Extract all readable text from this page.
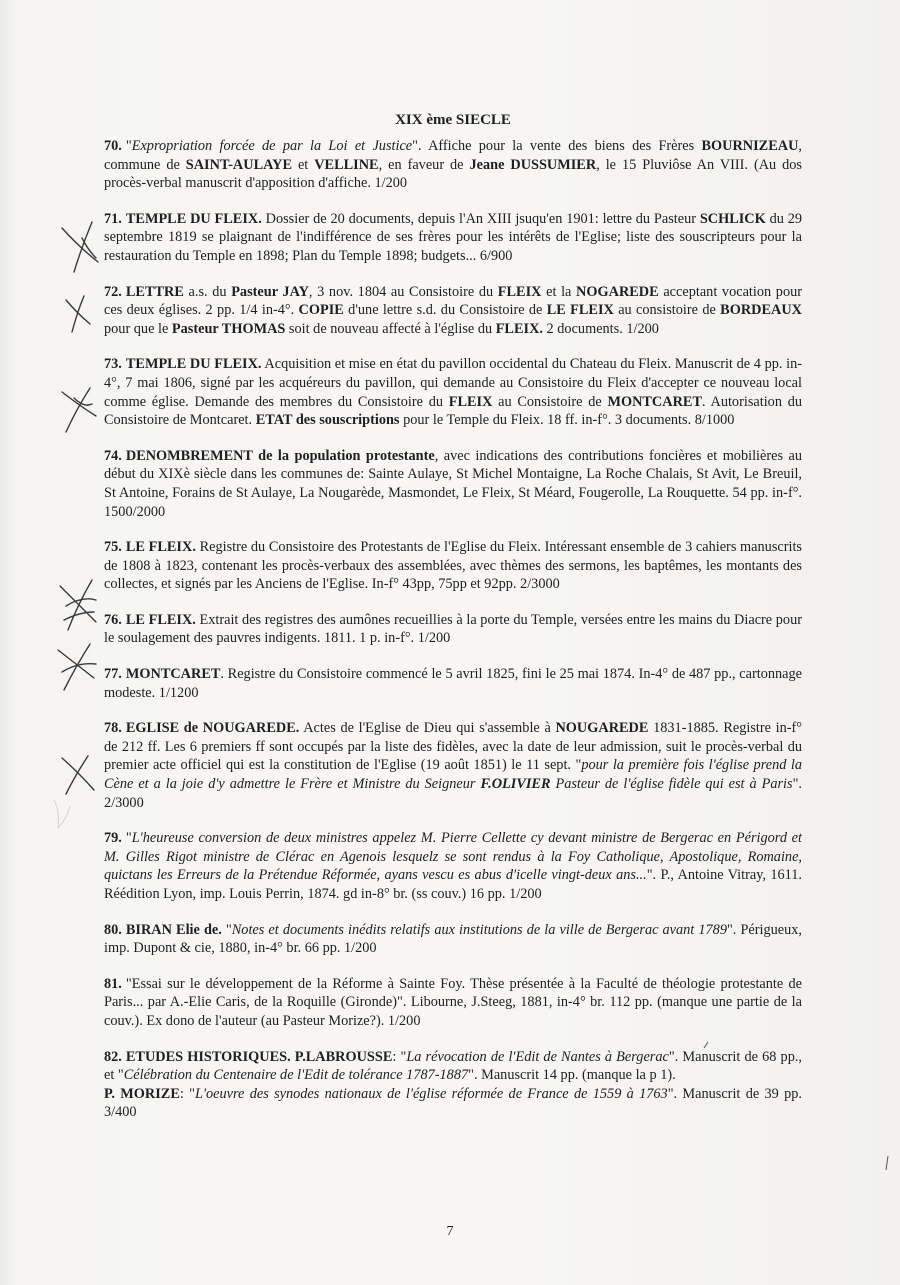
XIX ème SIECLE

70. "Expropriation forcée de par la Loi et Justice". Affiche pour la vente des biens des Frères BOURNIZEAU, commune de SAINT-AULAYE et VELLINE, en faveur de Jeane DUSSUMIER, le 15 Pluviôse An VIII. (Au dos procès-verbal manuscrit d'apposition d'affiche. 1/200

71. TEMPLE DU FLEIX. Dossier de 20 documents, depuis l'An XIII jsuqu'en 1901: lettre du Pasteur SCHLICK du 29 septembre 1819 se plaignant de l'indifférence de ses frères pour les intérêts de l'Eglise; liste des souscripteurs pour la restauration du Temple en 1898; Plan du Temple 1898; budgets... 6/900

72. LETTRE a.s. du Pasteur JAY, 3 nov. 1804 au Consistoire du FLEIX et la NOGAREDE acceptant vocation pour ces deux églises. 2 pp. 1/4 in-4°. COPIE d'une lettre s.d. du Consistoire de LE FLEIX au consistoire de BORDEAUX pour que le Pasteur THOMAS soit de nouveau affecté à l'église du FLEIX. 2 documents. 1/200

73. TEMPLE DU FLEIX. Acquisition et mise en état du pavillon occidental du Chateau du Fleix. Manuscrit de 4 pp. in-4°, 7 mai 1806, signé par les acquéreurs du pavillon, qui demande au Consistoire du Fleix d'accepter ce nouveau local comme église. Demande des membres du Consistoire du FLEIX au Consistoire de MONTCARET. Autorisation du Consistoire de Montcaret. ETAT des souscriptions pour le Temple du Fleix. 18 ff. in-f°. 3 documents. 8/1000

74. DENOMBREMENT de la population protestante, avec indications des contributions foncières et mobilières au début du XIXè siècle dans les communes de: Sainte Aulaye, St Michel Montaigne, La Roche Chalais, St Avit, Le Breuil, St Antoine, Forains de St Aulaye, La Nougarède, Masmondet, Le Fleix, St Méard, Fougerolle, La Rouquette. 54 pp. in-f°. 1500/2000

75. LE FLEIX. Registre du Consistoire des Protestants de l'Eglise du Fleix. Intéressant ensemble de 3 cahiers manuscrits de 1808 à 1823, contenant les procès-verbaux des assemblées, avec thèmes des sermons, les baptêmes, les montants des collectes, et signés par les Anciens de l'Eglise. In-f° 43pp, 75pp et 92pp. 2/3000

76. LE FLEIX. Extrait des registres des aumônes recueillies à la porte du Temple, versées entre les mains du Diacre pour le soulagement des pauvres indigents. 1811. 1 p. in-f°. 1/200

77. MONTCARET. Registre du Consistoire commencé le 5 avril 1825, fini le 25 mai 1874. In-4° de 487 pp., cartonnage modeste. 1/1200

78. EGLISE de NOUGAREDE. Actes de l'Eglise de Dieu qui s'assemble à NOUGAREDE 1831-1885. Registre in-f° de 212 ff. Les 6 premiers ff sont occupés par la liste des fidèles, avec la date de leur admission, suit le procès-verbal du premier acte officiel qui est la constitution de l'Eglise (19 août 1851) le 11 sept. "pour la première fois l'église prend la Cène et a la joie d'y admettre le Frère et Ministre du Seigneur F.OLIVIER Pasteur de l'église fidèle qui est à Paris". 2/3000

79. "L'heureuse conversion de deux ministres appelez M. Pierre Cellette cy devant ministre de Bergerac en Périgord et M. Gilles Rigot ministre de Clérac en Agenois lesquelz se sont rendus à la Foy Catholique, Apostolique, Romaine, quictans les Erreurs de la Prétendue Réformée, ayans vescu es abus d'icelle vingt-deux ans...". P., Antoine Vitray, 1611. Réédition Lyon, imp. Louis Perrin, 1874. gd in-8° br. (ss couv.) 16 pp. 1/200

80. BIRAN Elie de. "Notes et documents inédits relatifs aux institutions de la ville de Bergerac avant 1789". Périgueux, imp. Dupont & cie, 1880, in-4° br. 66 pp. 1/200

81. "Essai sur le développement de la Réforme à Sainte Foy. Thèse présentée à la Faculté de théologie protestante de Paris... par A.-Elie Caris, de la Roquille (Gironde)". Libourne, J.Steeg, 1881, in-4° br. 112 pp. (manque une partie de la couv.). Ex dono de l'auteur (au Pasteur Morize?). 1/200

82. ETUDES HISTORIQUES. P.LABROUSSE: "La révocation de l'Edit de Nantes à Bergerac". Manuscrit de 68 pp., et "Célébration du Centenaire de l'Edit de tolérance 1787-1887". Manuscrit 14 pp. (manque la p 1).
P. MORIZE: "L'oeuvre des synodes nationaux de l'église réformée de France de 1559 à 1763". Manuscrit de 39 pp. 3/400

7
